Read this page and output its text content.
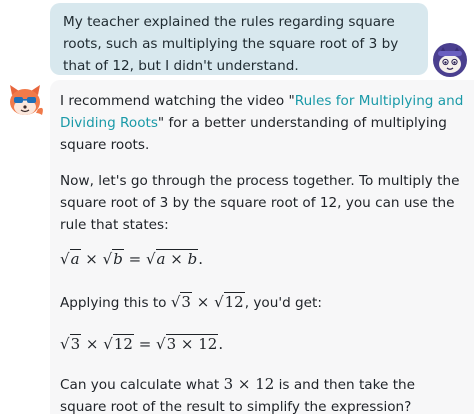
My teacher explained the rules regarding square roots, such as multiplying the square root of 3 by that of 12, but I didn't understand.

I recommend watching the video "Rules for Multiplying and Dividing Roots" for a better understanding of multiplying square roots.

Now, let's go through the process together. To multiply the square root of 3 by the square root of 12, you can use the rule that states:

√a × √b = √a × b.
Applying this to √3 × √12, you'd get:
√3 × √12 = √3 × 12.

Can you calculate what 3 × 12 is and then take the square root of the result to simplify the expression?
